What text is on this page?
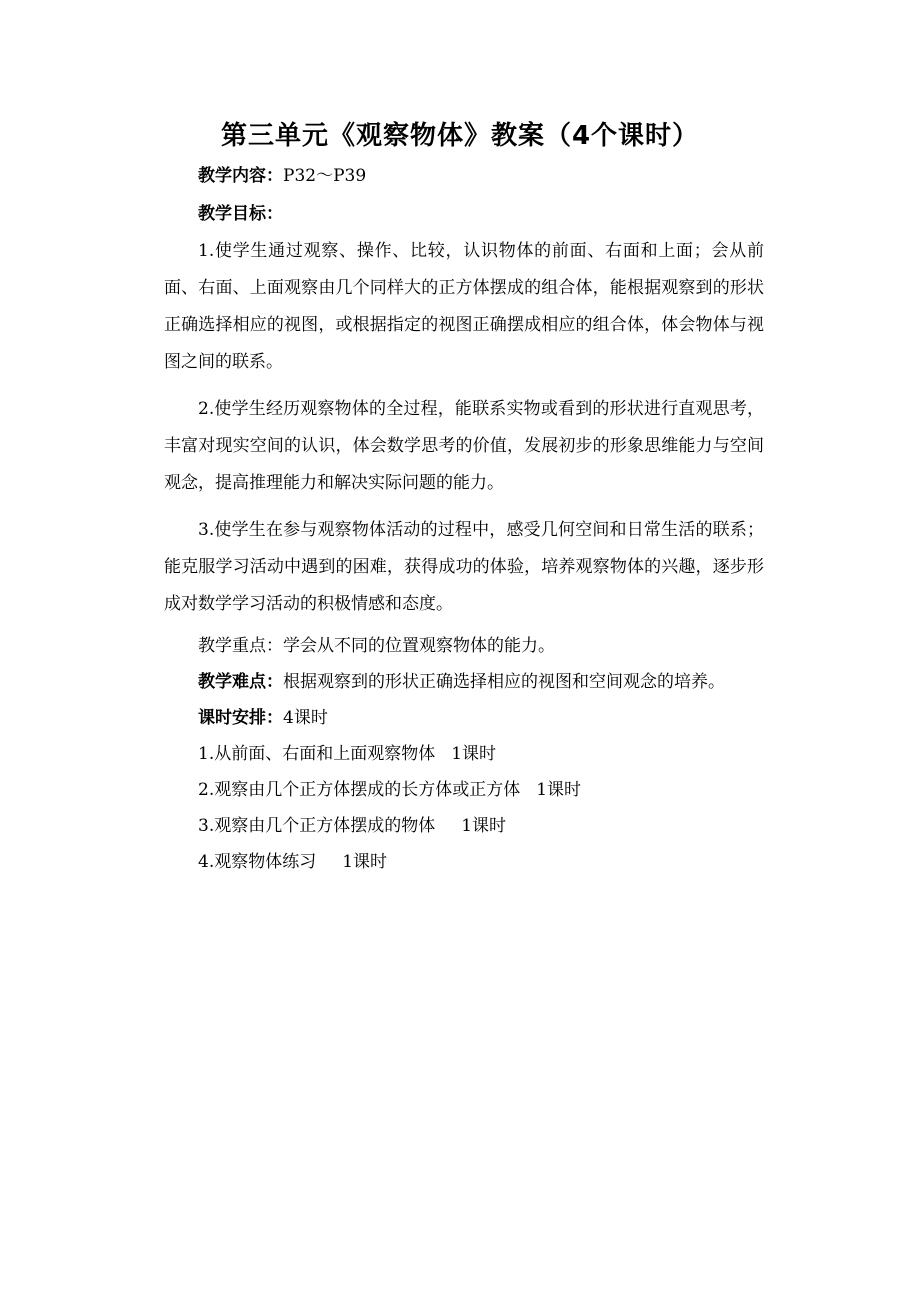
第三单元《观察物体》教案（4个课时）
教学内容：P32～P39
教学目标：

1.使学生通过观察、操作、比较，认识物体的前面、右面和上面；会从前面、右面、上面观察由几个同样大的正方体摆成的组合体，能根据观察到的形状正确选择相应的视图，或根据指定的视图正确摆成相应的组合体，体会物体与视图之间的联系。

2.使学生经历观察物体的全过程，能联系实物或看到的形状进行直观思考，丰富对现实空间的认识，体会数学思考的价值，发展初步的形象思维能力与空间观念，提高推理能力和解决实际问题的能力。

3.使学生在参与观察物体活动的过程中，感受几何空间和日常生活的联系；能克服学习活动中遇到的困难，获得成功的体验，培养观察物体的兴趣，逐步形成对数学学习活动的积极情感和态度。

教学重点：学会从不同的位置观察物体的能力。
教学难点：根据观察到的形状正确选择相应的视图和空间观念的培养。
课时安排：4课时
1.从前面、右面和上面观察物体 1课时
2.观察由几个正方体摆成的长方体或正方体 1课时
3.观察由几个正方体摆成的物体 1课时
4.观察物体练习 1课时
